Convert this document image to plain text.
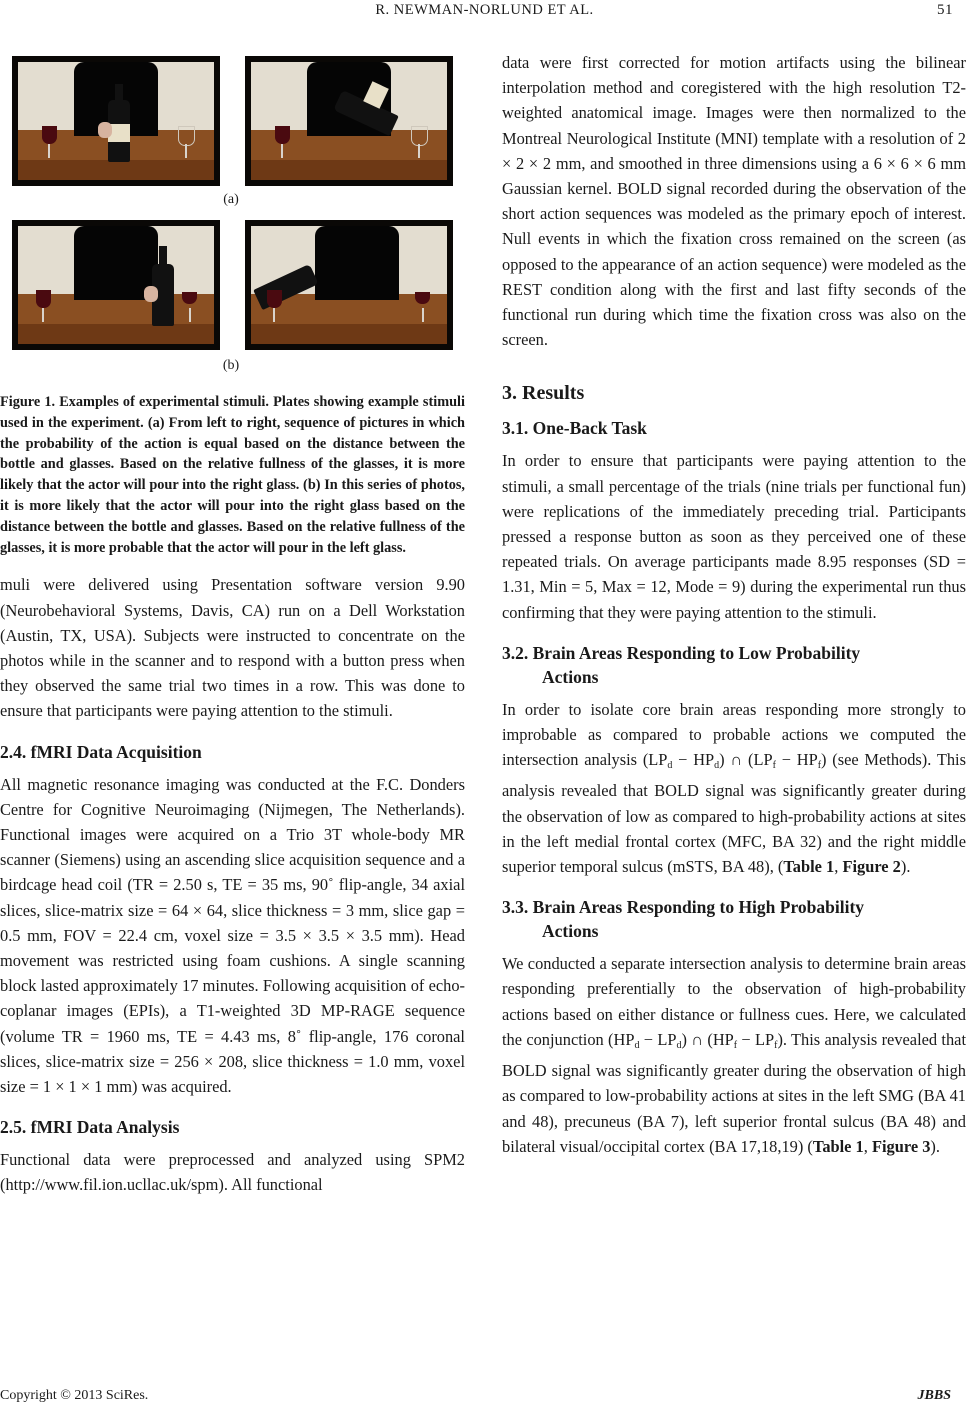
R. NEWMAN-NORLUND ET AL.	51
(a)
(b)

Figure 1. Examples of experimental stimuli. Plates showing example stimuli used in the experiment. (a) From left to right, sequence of pictures in which the probability of the action is equal based on the distance between the bottle and glasses. Based on the relative fullness of the glasses, it is more likely that the actor will pour into the right glass. (b) In this series of photos, it is more likely that the actor will pour into the right glass based on the distance between the bottle and glasses. Based on the relative fullness of the glasses, it is more probable that the actor will pour in the left glass.

muli were delivered using Presentation software version 9.90 (Neurobehavioral Systems, Davis, CA) run on a Dell Workstation (Austin, TX, USA). Subjects were instructed to concentrate on the photos while in the scanner and to respond with a button press when they observed the same trial two times in a row. This was done to ensure that participants were paying attention to the stimuli.

2.4. fMRI Data Acquisition

All magnetic resonance imaging was conducted at the F.C. Donders Centre for Cognitive Neuroimaging (Nijmegen, The Netherlands). Functional images were acquired on a Trio 3T whole-body MR scanner (Siemens) using an ascending slice acquisition sequence and a birdcage head coil (TR = 2.50 s, TE = 35 ms, 90˚ flip-angle, 34 axial slices, slice-matrix size = 64 × 64, slice thickness = 3 mm, slice gap = 0.5 mm, FOV = 22.4 cm, voxel size = 3.5 × 3.5 × 3.5 mm). Head movement was restricted using foam cushions. A single scanning block lasted approximately 17 minutes. Following acquisition of echo-coplanar images (EPIs), a T1-weighted 3D MP-RAGE sequence (volume TR = 1960 ms, TE = 4.43 ms, 8˚ flip-angle, 176 coronal slices, slice-matrix size = 256 × 208, slice thickness = 1.0 mm, voxel size = 1 × 1 × 1 mm) was acquired.

2.5. fMRI Data Analysis

Functional data were preprocessed and analyzed using SPM2 (http://www.fil.ion.ucllac.uk/spm). All functional

data were first corrected for motion artifacts using the bilinear interpolation method and coregistered with the high resolution T2-weighted anatomical image. Images were then normalized to the Montreal Neurological Institute (MNI) template with a resolution of 2 × 2 × 2 mm, and smoothed in three dimensions using a 6 × 6 × 6 mm Gaussian kernel. BOLD signal recorded during the observation of the short action sequences was modeled as the primary epoch of interest. Null events in which the fixation cross remained on the screen (as opposed to the appearance of an action sequence) were modeled as the REST condition along with the first and last fifty seconds of the functional run during which time the fixation cross was also on the screen.

3. Results
3.1. One-Back Task

In order to ensure that participants were paying attention to the stimuli, a small percentage of the trials (nine trials per functional fun) were replications of the immediately preceding trial. Participants pressed a response button as soon as they perceived one of these repeated trials. On average participants made 8.95 responses (SD = 1.31, Min = 5, Max = 12, Mode = 9) during the experimental run thus confirming that they were paying attention to the stimuli.

3.2. Brain Areas Responding to Low Probability
Actions

In order to isolate core brain areas responding more strongly to improbable as compared to probable actions we computed the intersection analysis $(LP_d - HP_d)$ ∩ $(LP_f - HP_f)$ (see Methods). This analysis revealed that BOLD signal was significantly greater during the observation of low as compared to high-probability actions at sites in the left medial frontal cortex (MFC, BA 32) and the right middle superior temporal sulcus (mSTS, BA 48), (Table 1, Figure 2).

3.3. Brain Areas Responding to High Probability
Actions

We conducted a separate intersection analysis to determine brain areas responding preferentially to the observation of high-probability actions based on either distance or fullness cues. Here, we calculated the conjunction $(HP_d - LP_d)$ ∩ $(HP_f - LP_f)$. This analysis revealed that BOLD signal was significantly greater during the observation of high as compared to low-probability actions at sites in the left SMG (BA 41 and 48), precuneus (BA 7), left superior frontal sulcus (BA 48) and bilateral visual/occipital cortex (BA 17,18,19) (Table 1, Figure 3).

Copyright © 2013 SciRes.	JBBS
